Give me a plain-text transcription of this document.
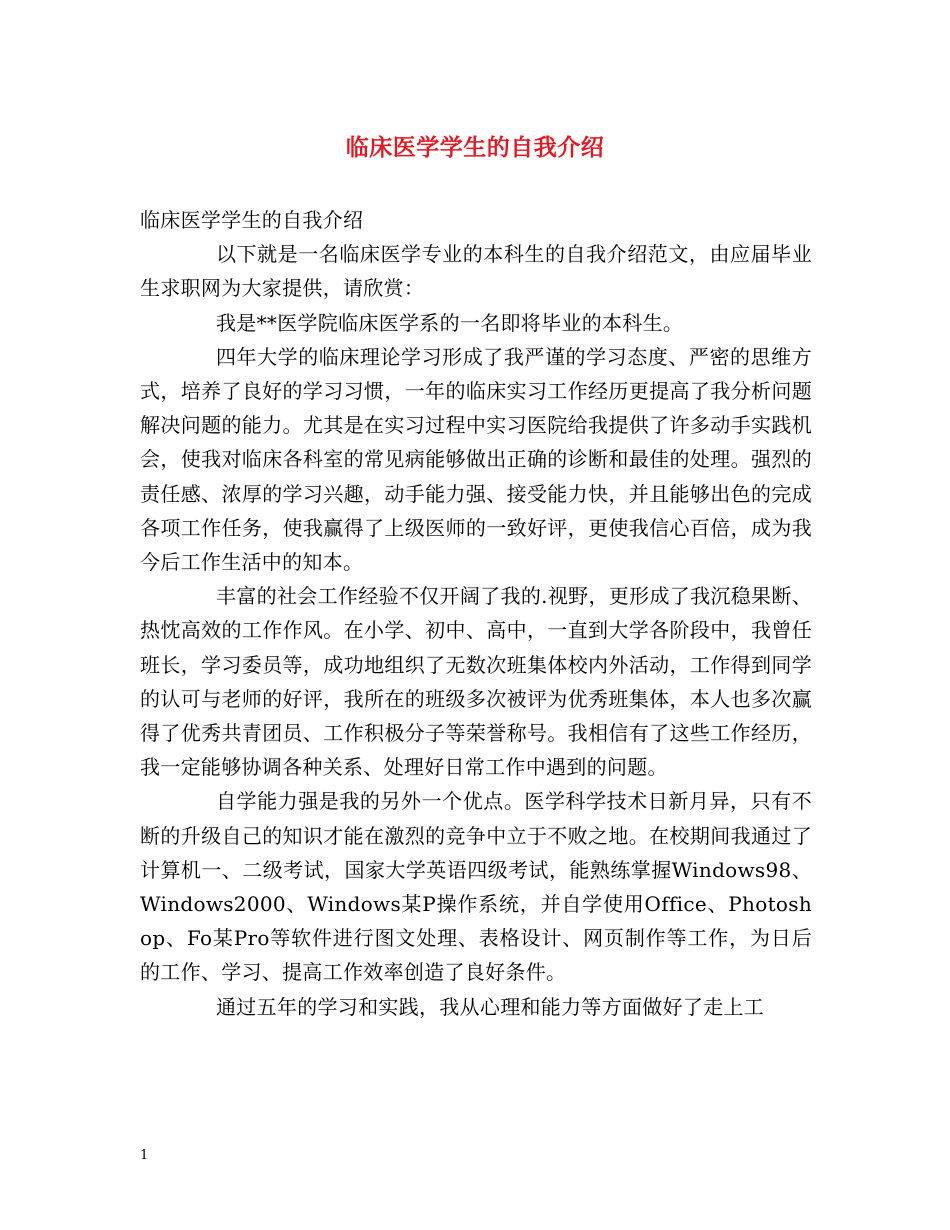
临床医学学生的自我介绍

临床医学学生的自我介绍

以下就是一名临床医学专业的本科生的自我介绍范文，由应届毕业生求职网为大家提供，请欣赏：

我是**医学院临床医学系的一名即将毕业的本科生。

四年大学的临床理论学习形成了我严谨的学习态度、严密的思维方式，培养了良好的学习习惯，一年的临床实习工作经历更提高了我分析问题解决问题的能力。尤其是在实习过程中实习医院给我提供了许多动手实践机会，使我对临床各科室的常见病能够做出正确的诊断和最佳的处理。强烈的责任感、浓厚的学习兴趣，动手能力强、接受能力快，并且能够出色的完成各项工作任务，使我赢得了上级医师的一致好评，更使我信心百倍，成为我今后工作生活中的知本。

丰富的社会工作经验不仅开阔了我的.视野，更形成了我沉稳果断、热忱高效的工作作风。在小学、初中、高中，一直到大学各阶段中，我曾任班长，学习委员等，成功地组织了无数次班集体校内外活动，工作得到同学的认可与老师的好评，我所在的班级多次被评为优秀班集体，本人也多次赢得了优秀共青团员、工作积极分子等荣誉称号。我相信有了这些工作经历，我一定能够协调各种关系、处理好日常工作中遇到的问题。

自学能力强是我的另外一个优点。医学科学技术日新月异，只有不断的升级自己的知识才能在激烈的竞争中立于不败之地。在校期间我通过了计算机一、二级考试，国家大学英语四级考试，能熟练掌握Windows98、Windows2000、Windows某P操作系统，并自学使用Office、Photoshop、Fo某Pro等软件进行图文处理、表格设计、网页制作等工作，为日后的工作、学习、提高工作效率创造了良好条件。

通过五年的学习和实践，我从心理和能力等方面做好了走上工

1
